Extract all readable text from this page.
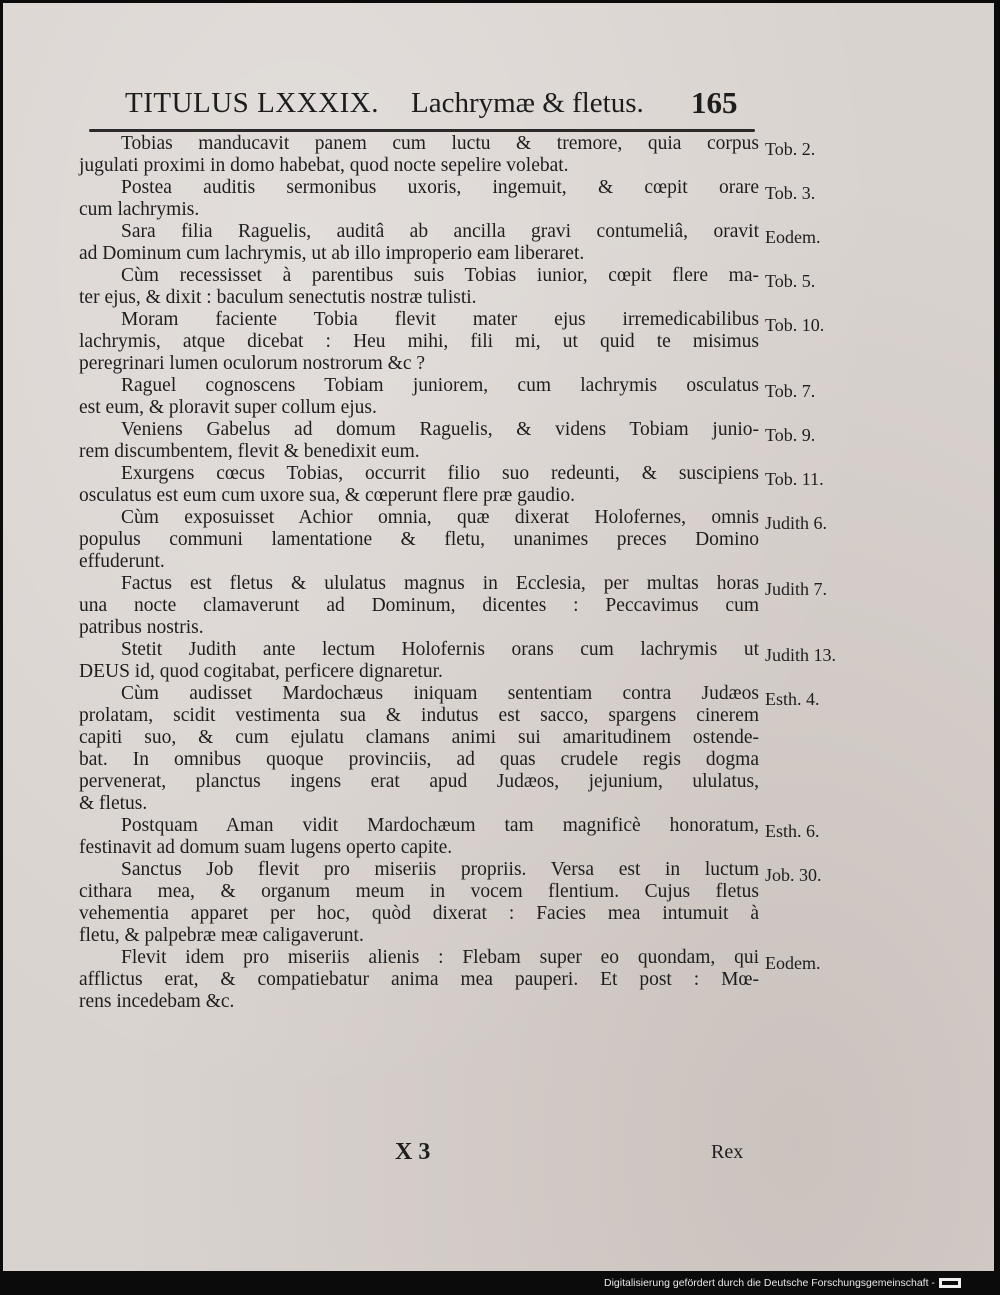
TITULUS LXXXIX. Lachrymæ & fletus. 165
Tobias manducavit panem cum luctu & tremore, quia corpus
jugulati proximi in domo habebat, quod nocte sepelire volebat.
Tob. 2.
Postea auditis sermonibus uxoris, ingemuit, & cœpit orare
cum lachrymis.
Tob. 3.
Sara filia Raguelis, auditâ ab ancilla gravi contumeliâ, oravit
ad Dominum cum lachrymis, ut ab illo improperio eam liberaret.
Eodem.
Cùm recessisset à parentibus suis Tobias iunior, cœpit flere ma-
ter ejus, & dixit : baculum senectutis nostræ tulisti.
Tob. 5.
Moram faciente Tobia flevit mater ejus irremedicabilibus
lachrymis, atque dicebat : Heu mihi, fili mi, ut quid te misimus
peregrinari lumen oculorum nostrorum &c ?
Tob. 10.
Raguel cognoscens Tobiam juniorem, cum lachrymis osculatus
est eum, & ploravit super collum ejus.
Tob. 7.
Veniens Gabelus ad domum Raguelis, & videns Tobiam junio-
rem discumbentem, flevit & benedixit eum.
Tob. 9.
Exurgens cœcus Tobias, occurrit filio suo redeunti, & suscipiens
osculatus est eum cum uxore sua, & cœperunt flere præ gaudio.
Tob. 11.
Cùm exposuisset Achior omnia, quæ dixerat Holofernes, omnis
populus communi lamentatione & fletu, unanimes preces Domino
effuderunt.
Judith 6.
Factus est fletus & ululatus magnus in Ecclesia, per multas horas
una nocte clamaverunt ad Dominum, dicentes : Peccavimus cum
patribus nostris.
Judith 7.
Stetit Judith ante lectum Holofernis orans cum lachrymis ut
DEUS id, quod cogitabat, perficere dignaretur.
Judith 13.
Cùm audisset Mardochæus iniquam sententiam contra Judæos
prolatam, scidit vestimenta sua & indutus est sacco, spargens cinerem
capiti suo, & cum ejulatu clamans animi sui amaritudinem ostende-
bat. In omnibus quoque provinciis, ad quas crudele regis dogma
pervenerat, planctus ingens erat apud Judæos, jejunium, ululatus,
& fletus.
Esth. 4.
Postquam Aman vidit Mardochæum tam magnificè honoratum,
festinavit ad domum suam lugens operto capite.
Esth. 6.
Sanctus Job flevit pro miseriis propriis. Versa est in luctum
cithara mea, & organum meum in vocem flentium. Cujus fletus
vehementia apparet per hoc, quòd dixerat : Facies mea intumuit à
fletu, & palpebræ meæ caligaverunt.
Job. 30.
Flevit idem pro miseriis alienis : Flebam super eo quondam, qui
afflictus erat, & compatiebatur anima mea pauperi. Et post : Mœ-
rens incedebam &c.
Eodem.
X 3	Rex
Digitalisierung gefördert durch die Deutsche Forschungsgemeinschaft -
